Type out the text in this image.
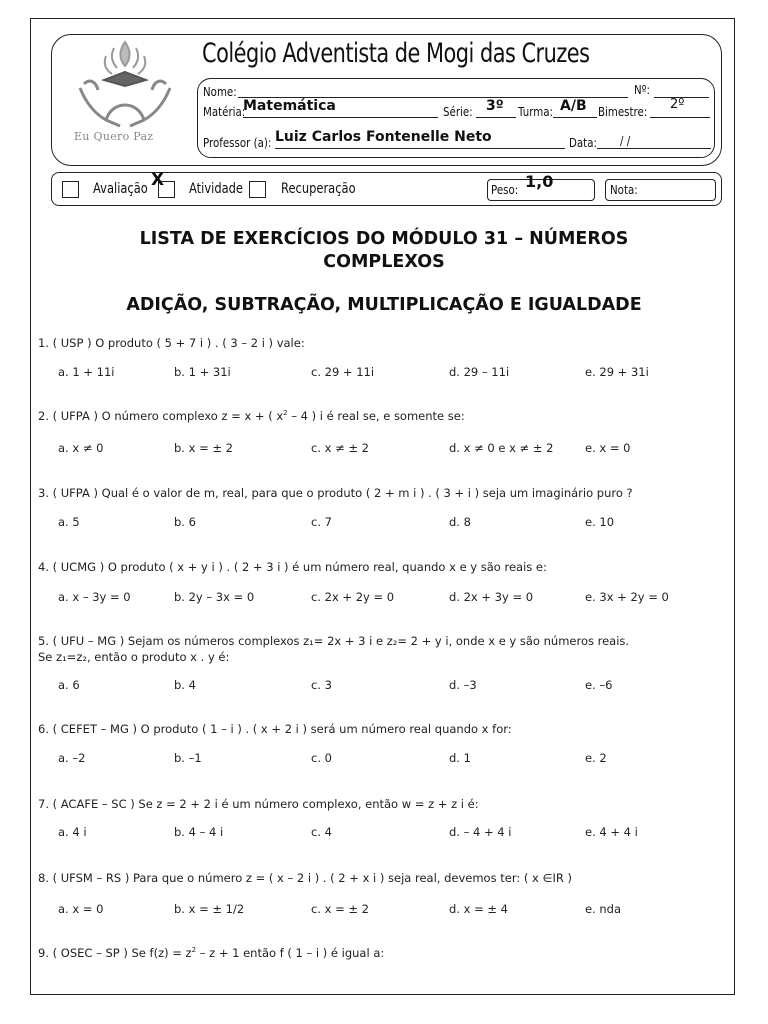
Eu Quero Paz
Colégio Adventista de Mogi das Cruzes
Nome:	Nº:
Matéria:
Matemática	Série: 3º Turma: A/B Bimestre: 2º
Professor (a): Luiz Carlos Fontenelle Neto	Data: / /
Avaliação X Atividade	Recuperação	Peso: 1,0	Nota:
LISTA DE EXERCÍCIOS DO MÓDULO 31 – NÚMEROS
COMPLEXOS
ADIÇÃO, SUBTRAÇÃO, MULTIPLICAÇÃO E IGUALDADE
1. ( USP ) O produto ( 5 + 7 i ) . ( 3 – 2 i ) vale:
a. 1 + 11i	b. 1 + 31i	c. 29 + 11i	d. 29 – 11i	e. 29 + 31i
2. ( UFPA ) O número complexo z = x + ( $x^2 - 4$ ) i é real se, e somente se:
a. x ≠ 0	b. x = ± 2	c. x ≠ ± 2	d. x ≠ 0 e x ≠ ± 2	e. x = 0
3. ( UFPA ) Qual é o valor de m, real, para que o produto ( 2 + m i ) . ( 3 + i ) seja um imaginário puro ?
a. 5	b. 6	c. 7	d. 8	e. 10
4. ( UCMG ) O produto ( x + y i ) . ( 2 + 3 i ) é um número real, quando x e y são reais e:
a. x – 3y = 0	b. 2y – 3x = 0	c. 2x + 2y = 0	d. 2x + 3y = 0	e. 3x + 2y = 0
5. ( UFU – MG ) Sejam os números complexos z₁= 2x + 3 i e z₂= 2 + y i, onde x e y são números reais.
Se z₁=z₂, então o produto x . y é:
a. 6	b. 4	c. 3	d. –3	e. –6
6. ( CEFET – MG ) O produto ( 1 – i ) . ( x + 2 i ) será um número real quando x for:
a. –2	b. –1	c. 0	d. 1	e. 2
7. ( ACAFE – SC ) Se z = 2 + 2 i é um número complexo, então w = z + z i é:
a. 4 i	b. 4 – 4 i	c. 4	d. – 4 + 4 i	e. 4 + 4 i
8. ( UFSM – RS ) Para que o número z = ( x – 2 i ) . ( 2 + x i ) seja real, devemos ter: ( x ∈IR )
a. x = 0	b. x = ± 1/2	c. x = ± 2	d. x = ± 4	e. nda
9. ( OSEC – SP ) Se $f(z) = z^2 - z + 1$ então f ( 1 – i ) é igual a:
